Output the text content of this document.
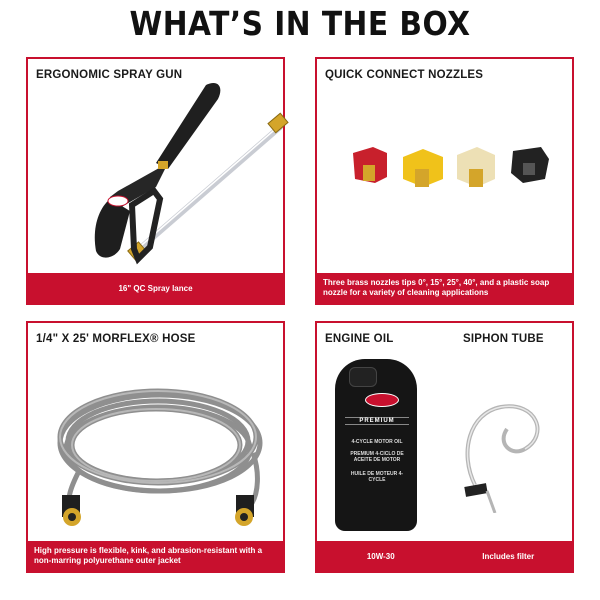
WHAT’S IN THE BOX
ERGONOMIC SPRAY GUN
16" QC Spray lance
QUICK CONNECT NOZZLES
Three brass nozzles tips 0°, 15°, 25°, 40°, and a plastic soap nozzle for a variety of cleaning applications
1/4" X 25' MORFLEX® HOSE
High pressure is flexible, kink, and abrasion-resistant with a non-marring polyurethane outer jacket
ENGINE OIL	SIPHON TUBE
PREMIUM
4-CYCLE MOTOR OIL
PREMIUM 4-CICLO DE ACEITE DE MOTOR
HUILE DE MOTEUR 4-CYCLE
10W-30	Includes filter
